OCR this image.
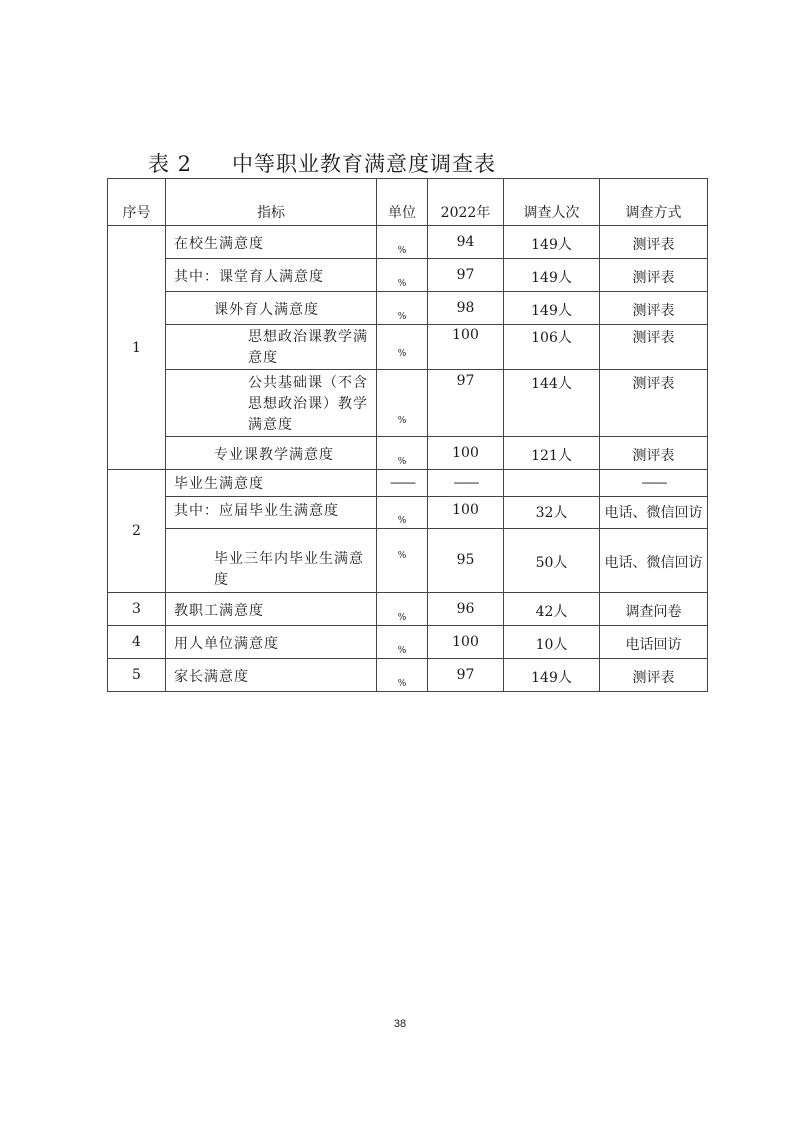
表 2 中等职业教育满意度调查表
序号	指标	单位	2022年	调查人次	调查方式
1	在校生满意度	%	94	149人	测评表
	其中：课堂育人满意度	%	97	149人	测评表
	课外育人满意度	%	98	149人	测评表
	思想政治课教学满意度	%	100	106人	测评表
	公共基础课（不含思想政治课）教学满意度	%	97	144人	测评表
	专业课教学满意度	%	100	121人	测评表
2	毕业生满意度	——	——		——
	其中：应届毕业生满意度	%	100	32人	电话、微信回访
	毕业三年内毕业生满意度	%	95	50人	电话、微信回访
3	教职工满意度	%	96	42人	调查问卷
4	用人单位满意度	%	100	10人	电话回访
5	家长满意度	%	97	149人	测评表
38
